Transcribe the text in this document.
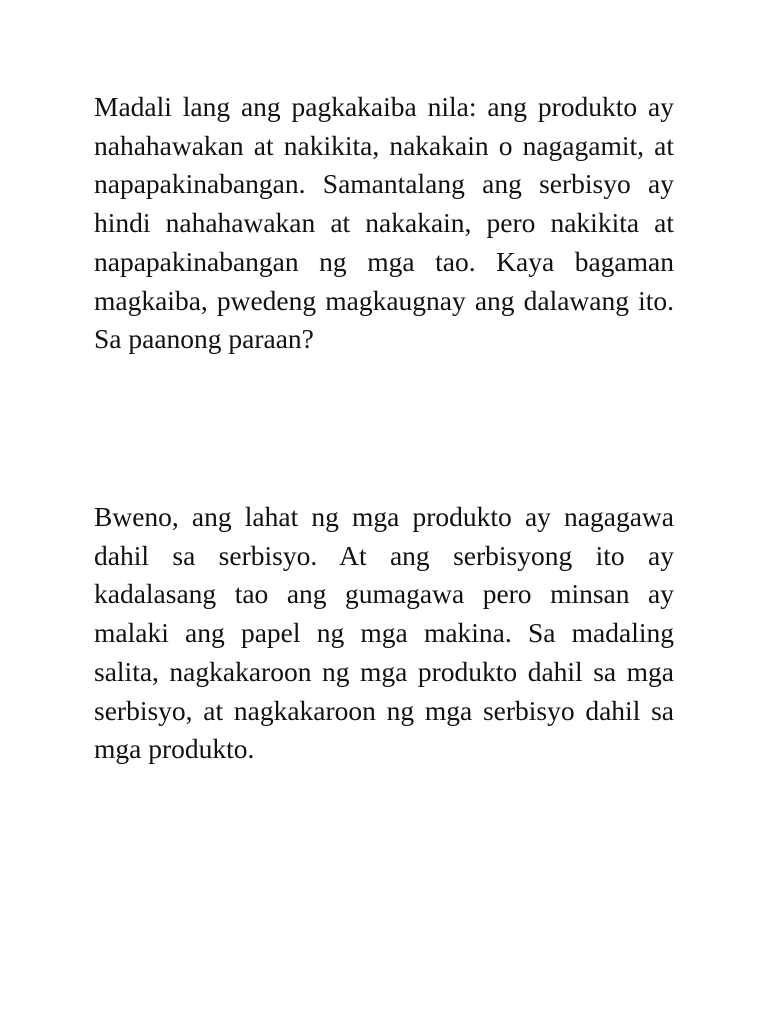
Madali lang ang pagkakaiba nila: ang produkto ay nahahawakan at nakikita, nakakain o nagagamit, at napapakinabangan. Samantalang ang serbisyo ay hindi nahahawakan at nakakain, pero nakikita at napapakinabangan ng mga tao. Kaya bagaman magkaiba, pwedeng magkaugnay ang dalawang ito. Sa paanong paraan?

Bweno, ang lahat ng mga produkto ay nagagawa dahil sa serbisyo. At ang serbisyong ito ay kadalasang tao ang gumagawa pero minsan ay malaki ang papel ng mga makina. Sa madaling salita, nagkakaroon ng mga produkto dahil sa mga serbisyo, at nagkakaroon ng mga serbisyo dahil sa mga produkto.
